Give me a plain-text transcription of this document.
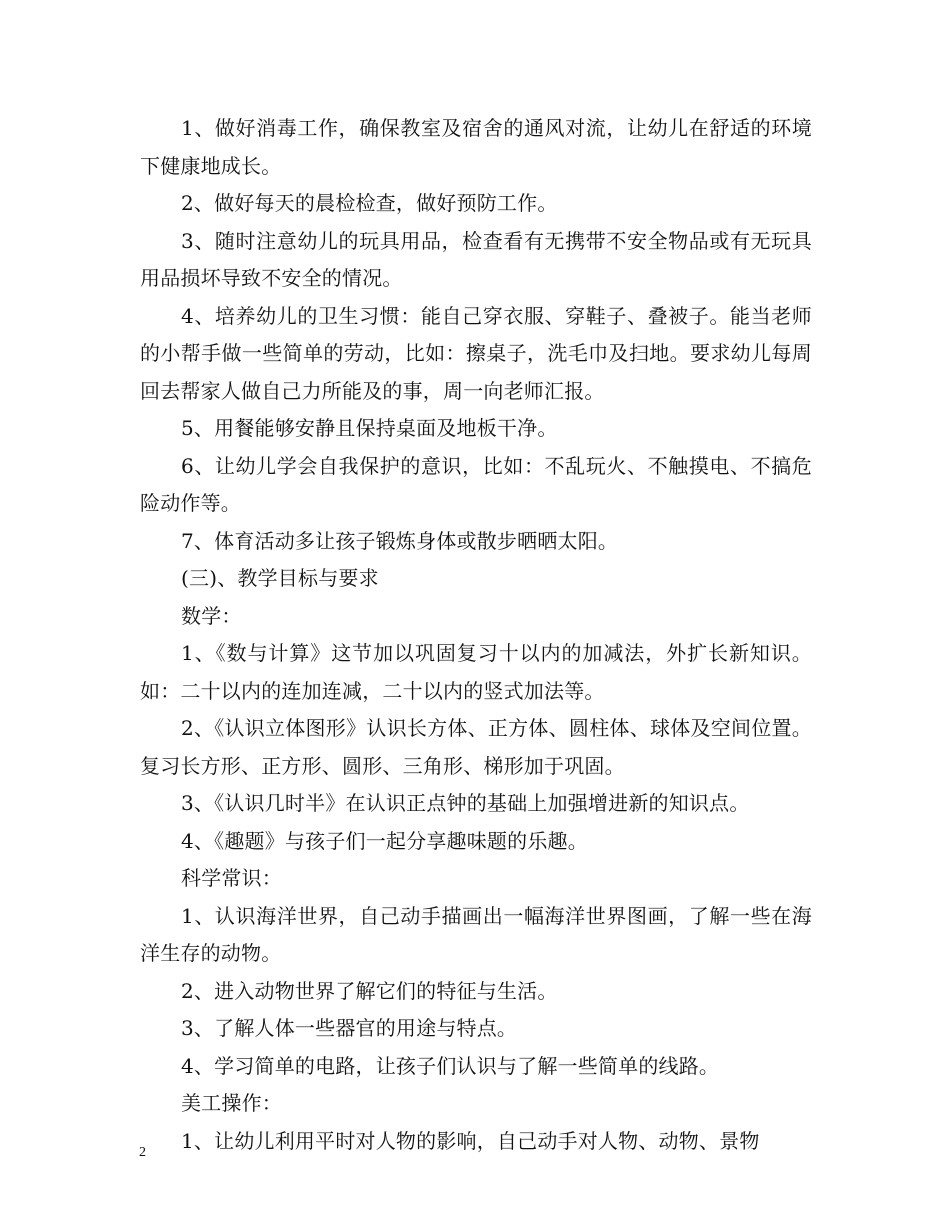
1、做好消毒工作，确保教室及宿舍的通风对流，让幼儿在舒适的环境下健康地成长。

2、做好每天的晨检检查，做好预防工作。

3、随时注意幼儿的玩具用品，检查看有无携带不安全物品或有无玩具用品损坏导致不安全的情况。

4、培养幼儿的卫生习惯：能自己穿衣服、穿鞋子、叠被子。能当老师的小帮手做一些简单的劳动，比如：擦桌子，洗毛巾及扫地。要求幼儿每周回去帮家人做自己力所能及的事，周一向老师汇报。

5、用餐能够安静且保持桌面及地板干净。

6、让幼儿学会自我保护的意识，比如：不乱玩火、不触摸电、不搞危险动作等。

7、体育活动多让孩子锻炼身体或散步晒晒太阳。

(三)、教学目标与要求

数学：

1、《数与计算》这节加以巩固复习十以内的加减法，外扩长新知识。如：二十以内的连加连减，二十以内的竖式加法等。

2、《认识立体图形》认识长方体、正方体、圆柱体、球体及空间位置。复习长方形、正方形、圆形、三角形、梯形加于巩固。

3、《认识几时半》在认识正点钟的基础上加强增进新的知识点。

4、《趣题》与孩子们一起分享趣味题的乐趣。

科学常识：

1、认识海洋世界，自己动手描画出一幅海洋世界图画，了解一些在海洋生存的动物。

2、进入动物世界了解它们的特征与生活。

3、了解人体一些器官的用途与特点。

4、学习简单的电路，让孩子们认识与了解一些简单的线路。

美工操作：

1、让幼儿利用平时对人物的影响，自己动手对人物、动物、景物

2
